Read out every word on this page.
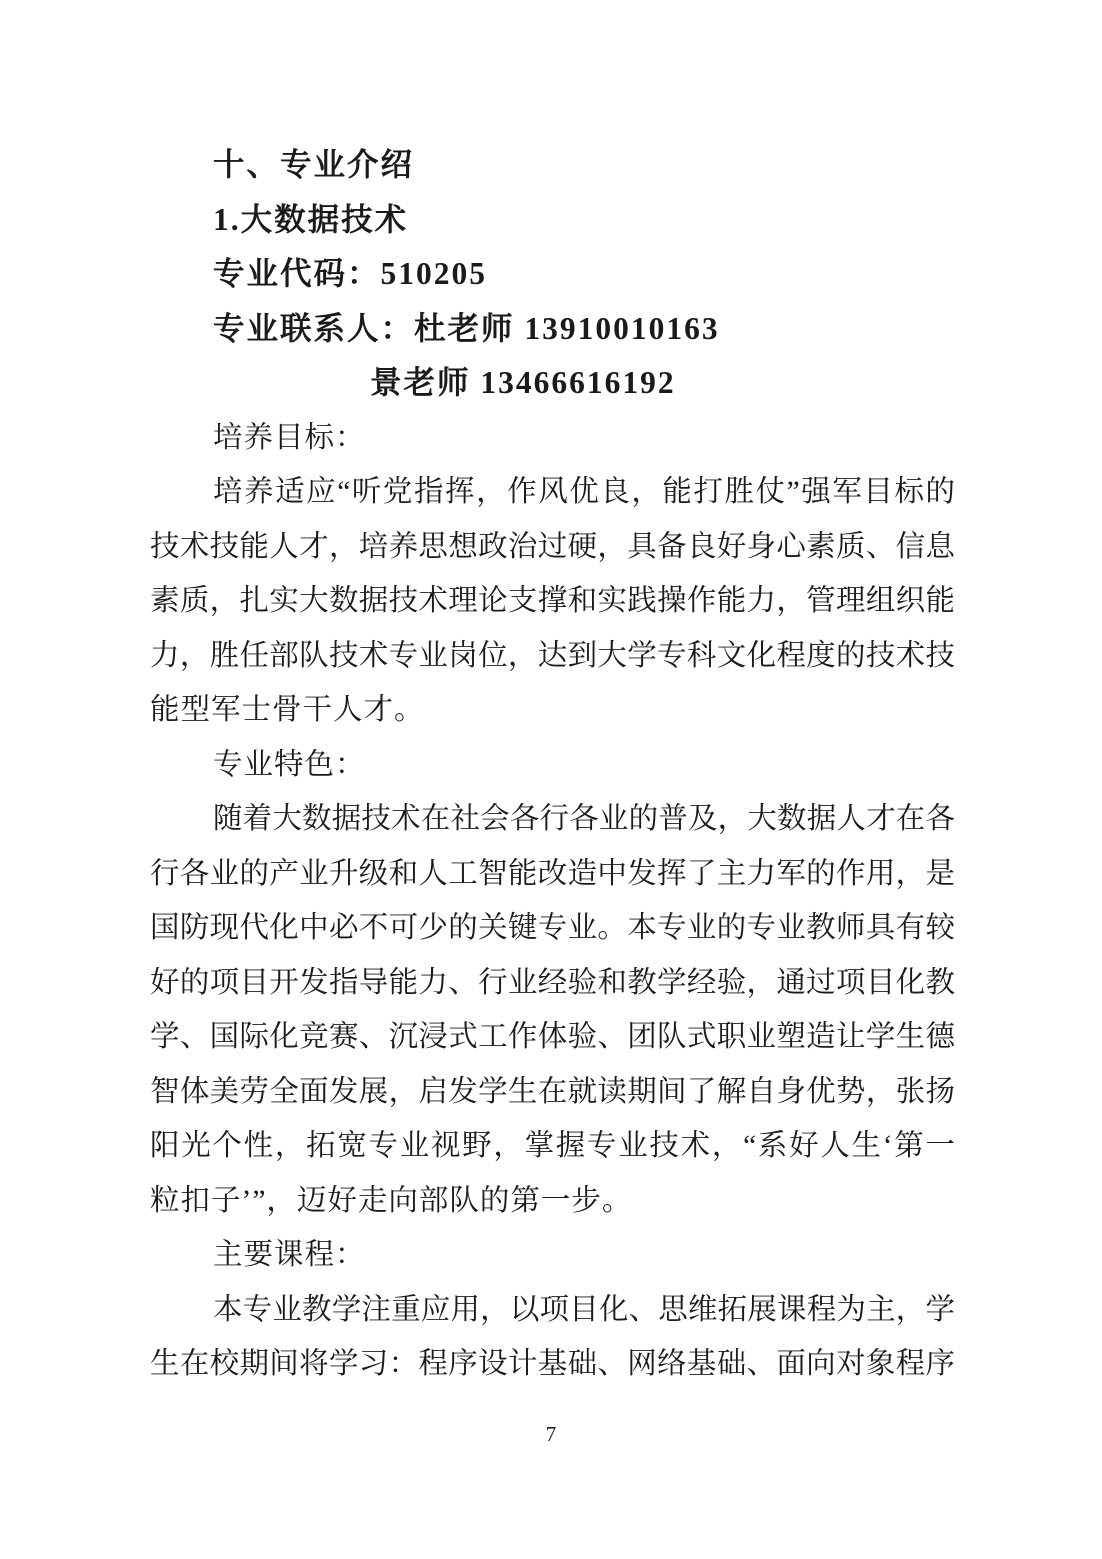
十、专业介绍
1.大数据技术
专业代码：510205
专业联系人：杜老师 13910010163
景老师 13466616192
培养目标：
培养适应“听党指挥，作风优良，能打胜仗”强军目标的
技术技能人才，培养思想政治过硬，具备良好身心素质、信息
素质，扎实大数据技术理论支撑和实践操作能力，管理组织能
力，胜任部队技术专业岗位，达到大学专科文化程度的技术技
能型军士骨干人才。
专业特色：
随着大数据技术在社会各行各业的普及，大数据人才在各
行各业的产业升级和人工智能改造中发挥了主力军的作用，是
国防现代化中必不可少的关键专业。本专业的专业教师具有较
好的项目开发指导能力、行业经验和教学经验，通过项目化教
学、国际化竞赛、沉浸式工作体验、团队式职业塑造让学生德
智体美劳全面发展，启发学生在就读期间了解自身优势，张扬
阳光个性，拓宽专业视野，掌握专业技术，“系好人生‘第一
粒扣子’”，迈好走向部队的第一步。
主要课程：
本专业教学注重应用，以项目化、思维拓展课程为主，学
生在校期间将学习：程序设计基础、网络基础、面向对象程序
7
